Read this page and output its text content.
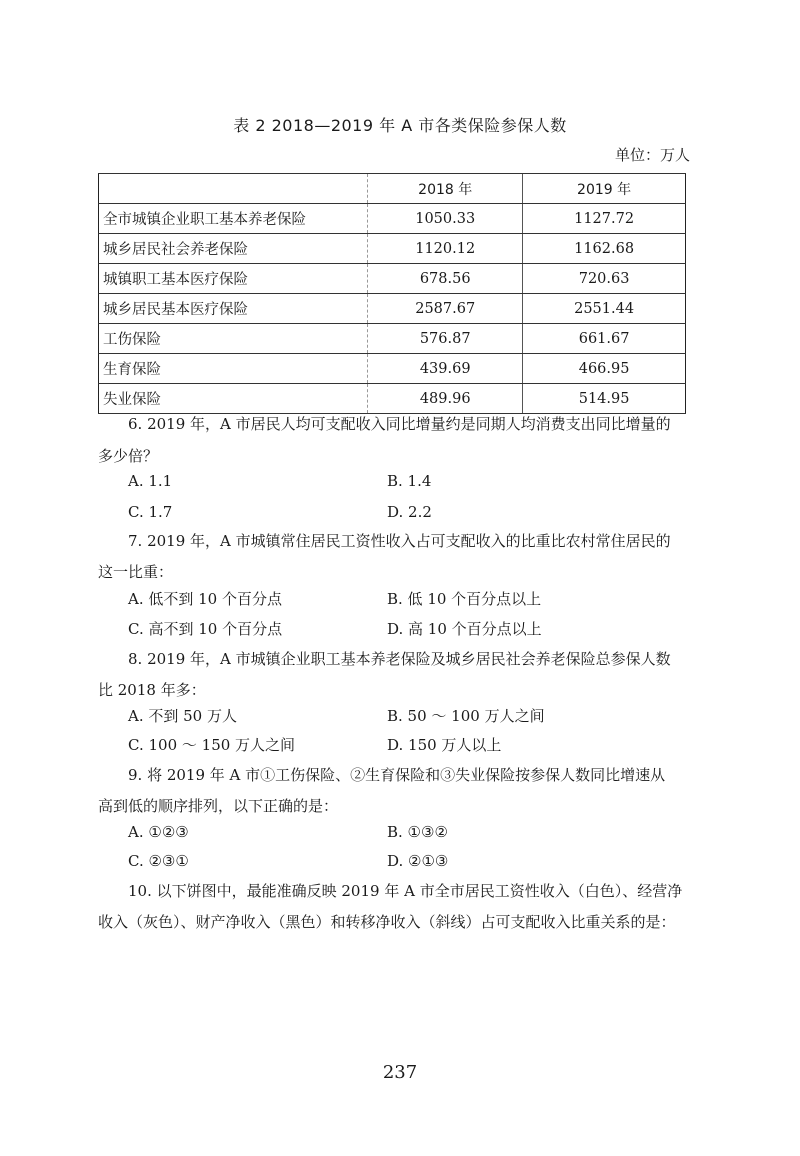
表 2 2018—2019 年 A 市各类保险参保人数
单位：万人
	2018 年	2019 年
全市城镇企业职工基本养老保险	1050.33	1127.72
城乡居民社会养老保险	1120.12	1162.68
城镇职工基本医疗保险	678.56	720.63
城乡居民基本医疗保险	2587.67	2551.44
工伤保险	576.87	661.67
生育保险	439.69	466.95
失业保险	489.96	514.95
6. 2019 年，A 市居民人均可支配收入同比增量约是同期人均消费支出同比增量的
多少倍？
A. 1.1	B. 1.4
C. 1.7	D. 2.2
7. 2019 年，A 市城镇常住居民工资性收入占可支配收入的比重比农村常住居民的
这一比重：
A. 低不到 10 个百分点	B. 低 10 个百分点以上
C. 高不到 10 个百分点	D. 高 10 个百分点以上
8. 2019 年，A 市城镇企业职工基本养老保险及城乡居民社会养老保险总参保人数
比 2018 年多：
A. 不到 50 万人	B. 50 ～ 100 万人之间
C. 100 ～ 150 万人之间	D. 150 万人以上
9. 将 2019 年 A 市①工伤保险、②生育保险和③失业保险按参保人数同比增速从
高到低的顺序排列，以下正确的是：
A. ①②③	B. ①③②
C. ②③①	D. ②①③
10. 以下饼图中，最能准确反映 2019 年 A 市全市居民工资性收入（白色）、经营净
收入（灰色）、财产净收入（黑色）和转移净收入（斜线）占可支配收入比重关系的是：
237
